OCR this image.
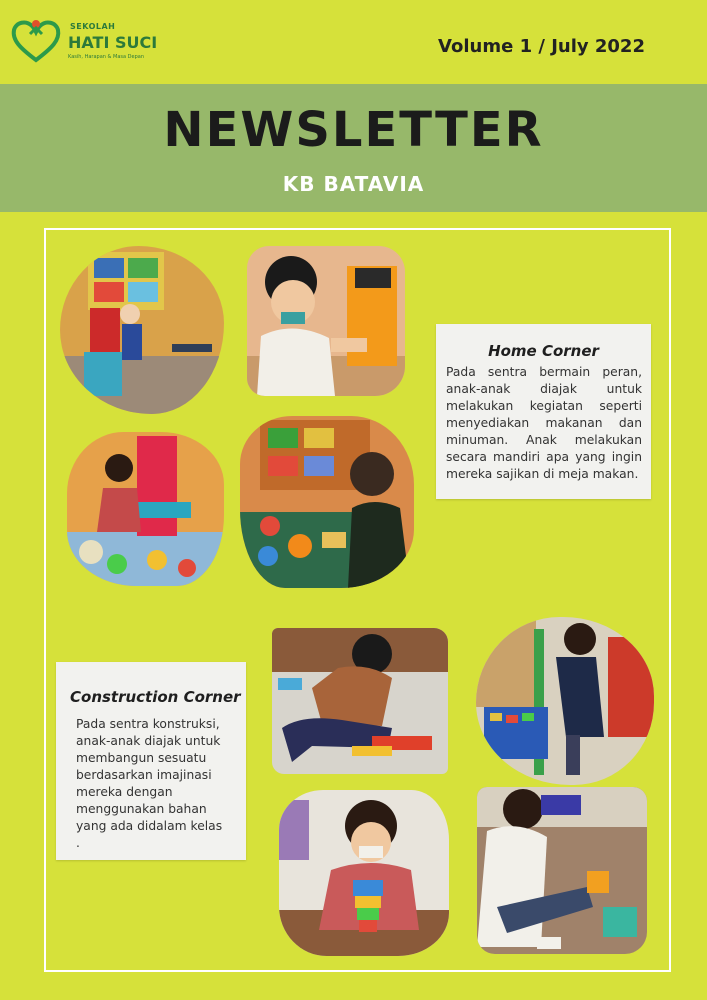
SEKOLAH
HATI SUCI
Kasih, Harapan & Masa Depan	Volume 1 / July 2022
NEWSLETTER
KB BATAVIA
Home Corner
Pada sentra bermain peran, anak-anak diajak untuk melakukan kegiatan seperti menyediakan makanan dan minuman. Anak melakukan secara mandiri apa yang ingin mereka sajikan di meja makan.
Construction Corner
Pada sentra konstruksi,
anak-anak diajak untuk
membangun sesuatu
berdasarkan imajinasi
mereka dengan
menggunakan bahan
yang ada didalam kelas
.
